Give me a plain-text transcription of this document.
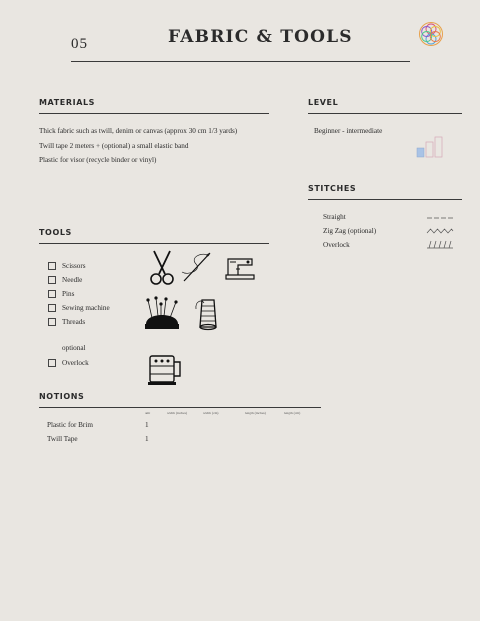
05	FABRIC & TOOLS
MATERIALS
Thick fabric such as twill, denim or canvas (approx 30 cm 1/3 yards)
Twill tape 2 meters + (optional) a small elastic band
Plastic for visor (recycle binder or vinyl)
LEVEL
Beginner - intermediate
STITCHES
Straight
Zig Zag (optional)
Overlock
TOOLS
Scissors
Needle
Pins
Sewing machine
Threads
optional
Overlock
NOTIONS
amt	width (inches)	width (cm)	length (inches)	length (cm)
Plastic for Brim	1
Twill Tape	1
